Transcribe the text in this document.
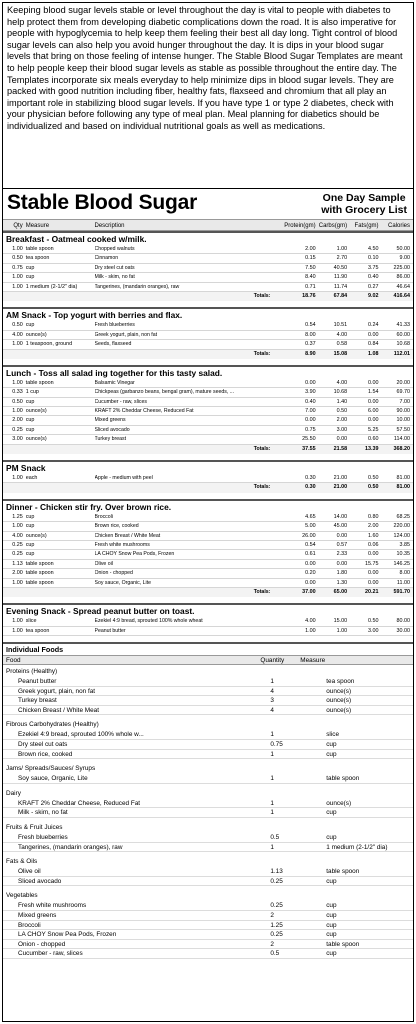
Keeping blood sugar levels stable or level throughout the day is vital to people with diabetes to help protect them from developing diabetic complications down the road. It is also imperative for people with hypoglycemia to help keep them feeling their best all day long. Tight control of blood sugar levels can also help you avoid hunger throughout the day. It is dips in your blood sugar levels that bring on those feeling of intense hunger. The Stable Blood Sugar Templates are meant to help people keep their blood sugar levels as stable as possible throughout the entire day. The Templates incorporate six meals everyday to help minimize dips in blood sugar levels. They are packed with good nutrition including fiber, healthy fats, flaxseed and chromium that all play an important role in stabilizing blood sugar levels. If you have type 1 or type 2 diabetes, check with your physician before following any type of meal plan. Meal planning for diabetics should be individualized and based on individual nutritional goals as well as medications.
Stable Blood Sugar	One Day Sample
with Grocery List
Qty Measure	Description	Protein(gm) Carbs(gm)	Fats(gm)	Calories
Breakfast - Oatmeal cooked w/milk.
1.00 table spoon	Chopped walnuts	2.00	1.00	4.50	50.00
0.50 tea spoon	Cinnamon	0.15	2.70	0.10	9.00
0.75 cup	Dry steel cut oats	7.50	40.50	3.75	225.00
1.00 cup	Milk - skim, no fat	8.40	11.90	0.40	86.00
1.00 1 medium (2-1/2" dia)	Tangerines, (mandarin oranges), raw	0.71	11.74	0.27	46.64
Totals:	18.76	67.84	9.02	416.64
AM Snack - Top yogurt with berries and flax.
0.50 cup	Fresh blueberries	0.54	10.51	0.24	41.33
4.00 ounce(s)	Greek yogurt, plain, non fat	8.00	4.00	0.00	60.00
1.00 1 teaspoon, ground	Seeds, flaxseed	0.37	0.58	0.84	10.68
Totals:	8.90	15.08	1.08	112.01
Lunch - Toss all salad ing together for this tasty salad.
1.00 table spoon	Balsamic Vinegar	0.00	4.00	0.00	20.00
0.33 1 cup	Chickpeas (garbanzo beans, bengal gram), mature seeds, ...	3.90	10.68	1.54	69.70
0.50 cup	Cucumber - raw, slices	0.40	1.40	0.00	7.00
1.00 ounce(s)	KRAFT 2% Cheddar Cheese, Reduced Fat	7.00	0.50	6.00	90.00
2.00 cup	Mixed greens	0.00	2.00	0.00	10.00
0.25 cup	Sliced avocado	0.75	3.00	5.25	57.50
3.00 ounce(s)	Turkey breast	25.50	0.00	0.60	114.00
Totals:	37.55	21.58	13.39	368.20
PM Snack
1.00 each	Apple - medium with peel	0.30	21.00	0.50	81.00
Totals:	0.30	21.00	0.50	81.00
Dinner - Chicken stir fry. Over brown rice.
1.25 cup	Broccoli	4.65	14.00	0.80	68.25
1.00 cup	Brown rice, cooked	5.00	45.00	2.00	220.00
4.00 ounce(s)	Chicken Breast / White Meat	26.00	0.00	1.60	124.00
0.25 cup	Fresh white mushrooms	0.54	0.57	0.06	3.85
0.25 cup	LA CHOY Snow Pea Pods, Frozen	0.61	2.33	0.00	10.35
1.13 table spoon	Olive oil	0.00	0.00	15.75	146.25
2.00 table spoon	Onion - chopped	0.20	1.80	0.00	8.00
1.00 table spoon	Soy sauce, Organic, Lite	0.00	1.30	0.00	11.00
Totals:	37.00	65.00	20.21	591.70
Evening Snack - Spread peanut butter on toast.
1.00 slice	Ezekiel 4:9 bread, sprouted 100% whole wheat	4.00	15.00	0.50	80.00
1.00 tea spoon	Peanut butter	1.00	1.00	3.00	30.00
Individual Foods
Food	Quantity	Measure
Proteins (Healthy)
Peanut butter	1	tea spoon
Greek yogurt, plain, non fat	4	ounce(s)
Turkey breast	3	ounce(s)
Chicken Breast / White Meat	4	ounce(s)
Fibrous Carbohydrates (Healthy)
Ezekiel 4:9 bread, sprouted 100% whole w...	1	slice
Dry steel cut oats	0.75	cup
Brown rice, cooked	1	cup
Jams/ Spreads/Sauces/ Syrups
Soy sauce, Organic, Lite	1	table spoon
Dairy
KRAFT 2% Cheddar Cheese, Reduced Fat	1	ounce(s)
Milk - skim, no fat	1	cup
Fruits & Fruit Juices
Fresh blueberries	0.5	cup
Tangerines, (mandarin oranges), raw	1	1 medium (2-1/2" dia)
Fats & Oils
Olive oil	1.13	table spoon
Sliced avocado	0.25	cup
Vegetables
Fresh white mushrooms	0.25	cup
Mixed greens	2	cup
Broccoli	1.25	cup
LA CHOY Snow Pea Pods, Frozen	0.25	cup
Onion - chopped	2	table spoon
Cucumber - raw, slices	0.5	cup
